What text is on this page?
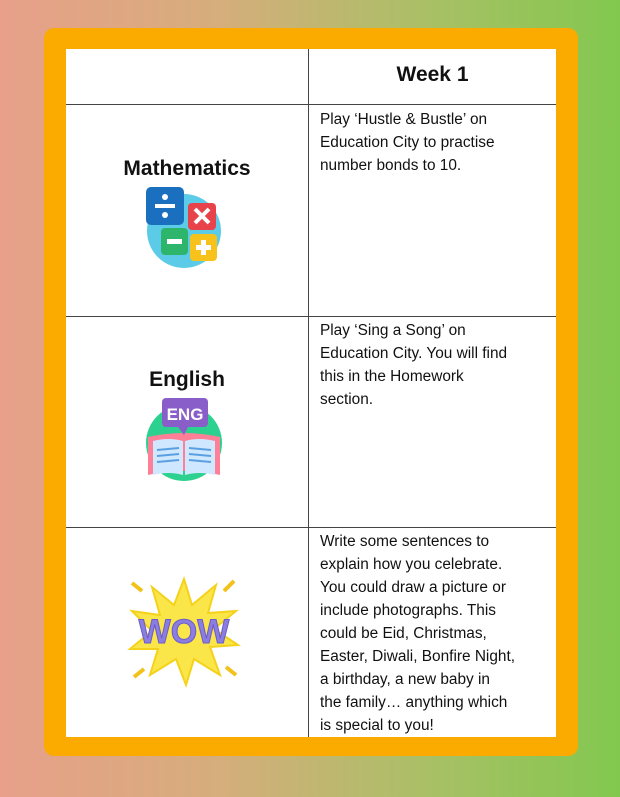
Week 1
Mathematics
Play ‘Hustle & Bustle’ on
Education City to practise
number bonds to 10.
English
ENG
Play ‘Sing a Song’ on
Education City. You will find
this in the Homework
section.
WOW
Write some sentences to
explain how you celebrate.
You could draw a picture or
include photographs. This
could be Eid, Christmas,
Easter, Diwali, Bonfire Night,
a birthday, a new baby in
the family… anything which
is special to you!
